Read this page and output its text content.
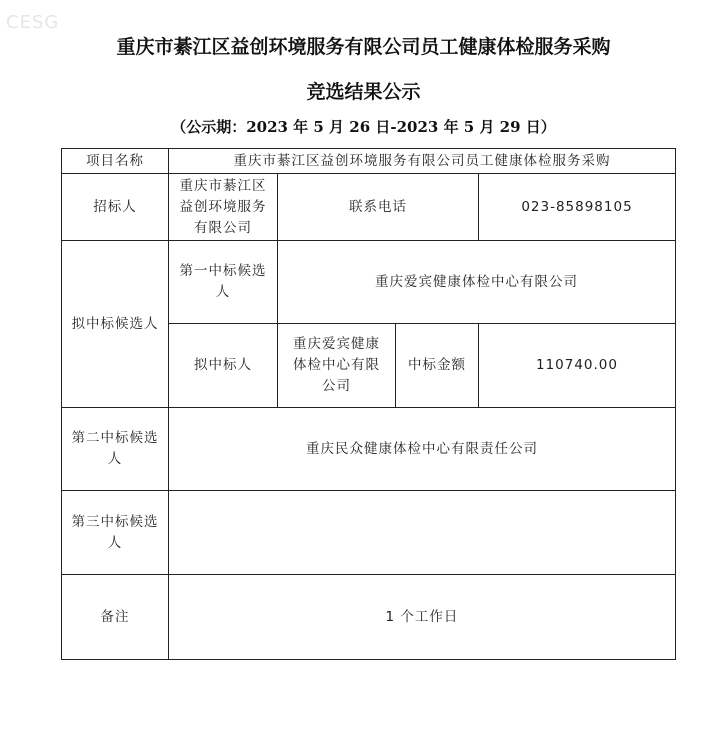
CESG
重庆市綦江区益创环境服务有限公司员工健康体检服务采购
竞选结果公示
（公示期：2023 年 5 月 26 日-2023 年 5 月 29 日）
项目名称	重庆市綦江区益创环境服务有限公司员工健康体检服务采购			
招标人	重庆市綦江区益创环境服务有限公司	联系电话		023-85898105
拟中标候选人	第一中标候选人	重庆爱宾健康体检中心有限公司		
	拟中标人	重庆爱宾健康体检中心有限公司	中标金额	110740.00
第二中标候选人	重庆民众健康体检中心有限责任公司			
第三中标候选人				
备注	1 个工作日			
